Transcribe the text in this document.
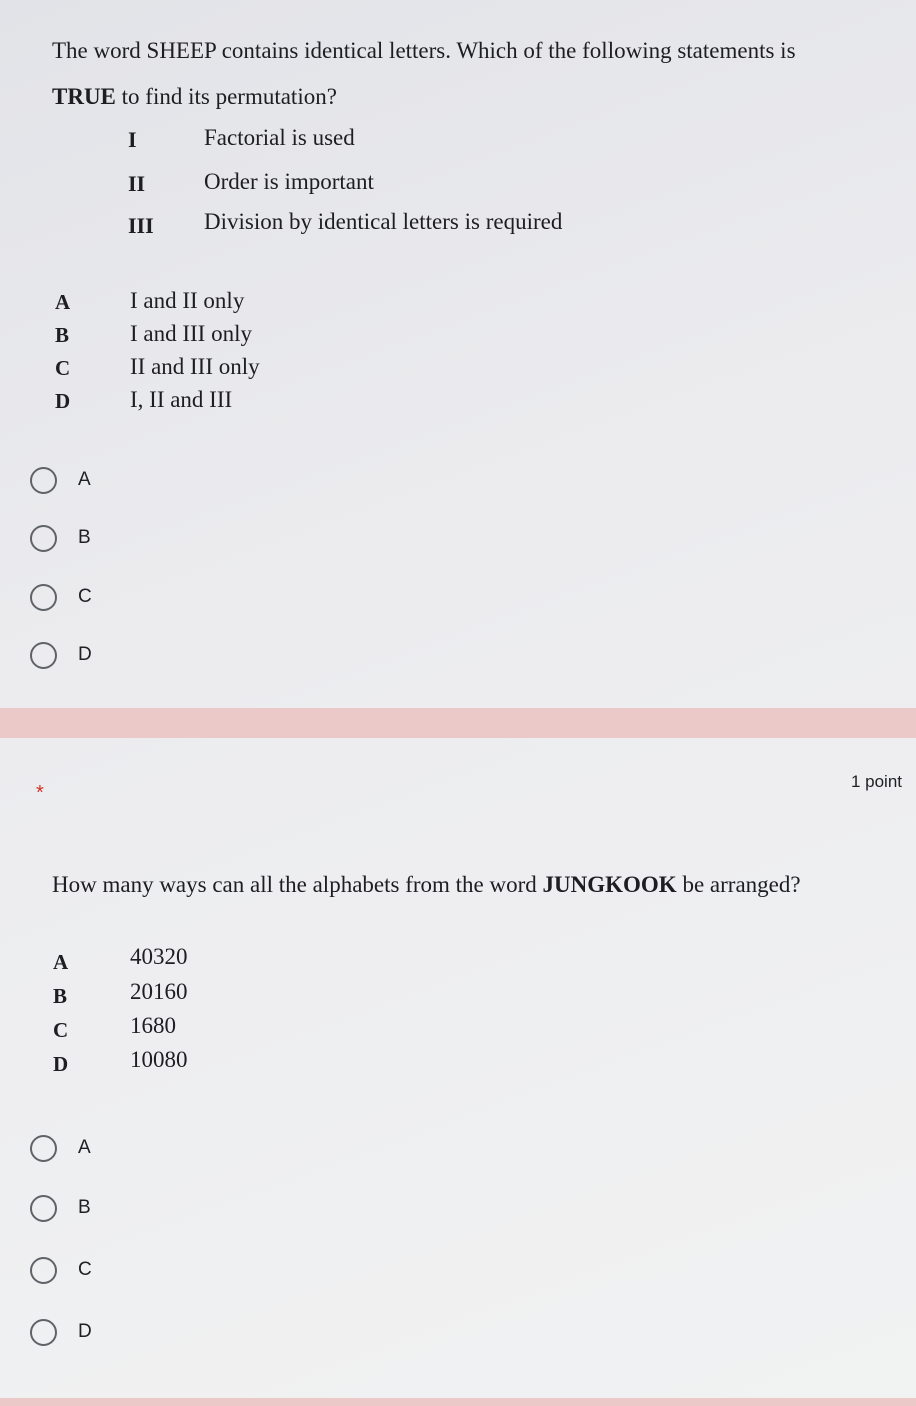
The word SHEEP contains identical letters. Which of the following statements is
TRUE to find its permutation?
I	Factorial is used
II	Order is important
III Division by identical letters is required
A	I and II only
B	I and III only
C	II and III only
D	I, II and III
A
B
C
D
*
1 point
How many ways can all the alphabets from the word JUNGKOOK be arranged?
A	40320
B	20160
C	1680
D	10080
A
B
C
D
